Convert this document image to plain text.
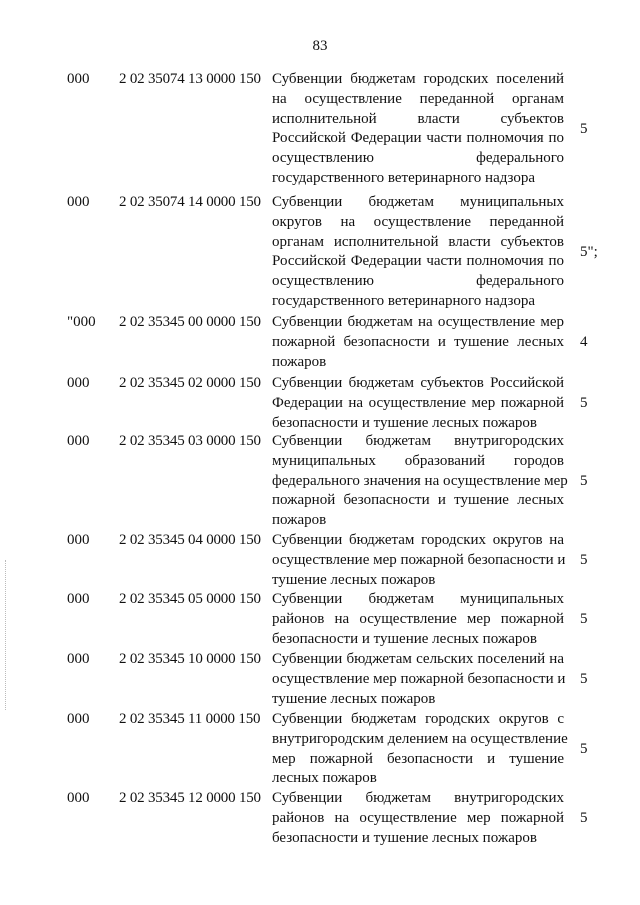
83
000 2 02 35074 13 0000 150 Субвенции бюджетам городских поселений
на осуществление переданной органам
исполнительной власти субъектов
Российской Федерации части полномочия по
осуществлению федерального
государственного ветеринарного надзора
5
000 2 02 35074 14 0000 150 Субвенции бюджетам муниципальных
округов на осуществление переданной
органам исполнительной власти субъектов
Российской Федерации части полномочия по
осуществлению федерального
государственного ветеринарного надзора
5";
"000 2 02 35345 00 0000 150 Субвенции бюджетам на осуществление мер
пожарной безопасности и тушение лесных
пожаров
4
000 2 02 35345 02 0000 150 Субвенции бюджетам субъектов Российской
Федерации на осуществление мер пожарной
безопасности и тушение лесных пожаров
5
000 2 02 35345 03 0000 150 Субвенции бюджетам внутригородских
муниципальных образований городов
федерального значения на осуществление мер
пожарной безопасности и тушение лесных
пожаров
5
000 2 02 35345 04 0000 150 Субвенции бюджетам городских округов на
осуществление мер пожарной безопасности и
тушение лесных пожаров
5
000 2 02 35345 05 0000 150 Субвенции бюджетам муниципальных
районов на осуществление мер пожарной
безопасности и тушение лесных пожаров
5
000 2 02 35345 10 0000 150 Субвенции бюджетам сельских поселений на
осуществление мер пожарной безопасности и
тушение лесных пожаров
5
000 2 02 35345 11 0000 150 Субвенции бюджетам городских округов с
внутригородским делением на осуществление
мер пожарной безопасности и тушение
лесных пожаров
5
000 2 02 35345 12 0000 150 Субвенции бюджетам внутригородских
районов на осуществление мер пожарной
безопасности и тушение лесных пожаров
5
